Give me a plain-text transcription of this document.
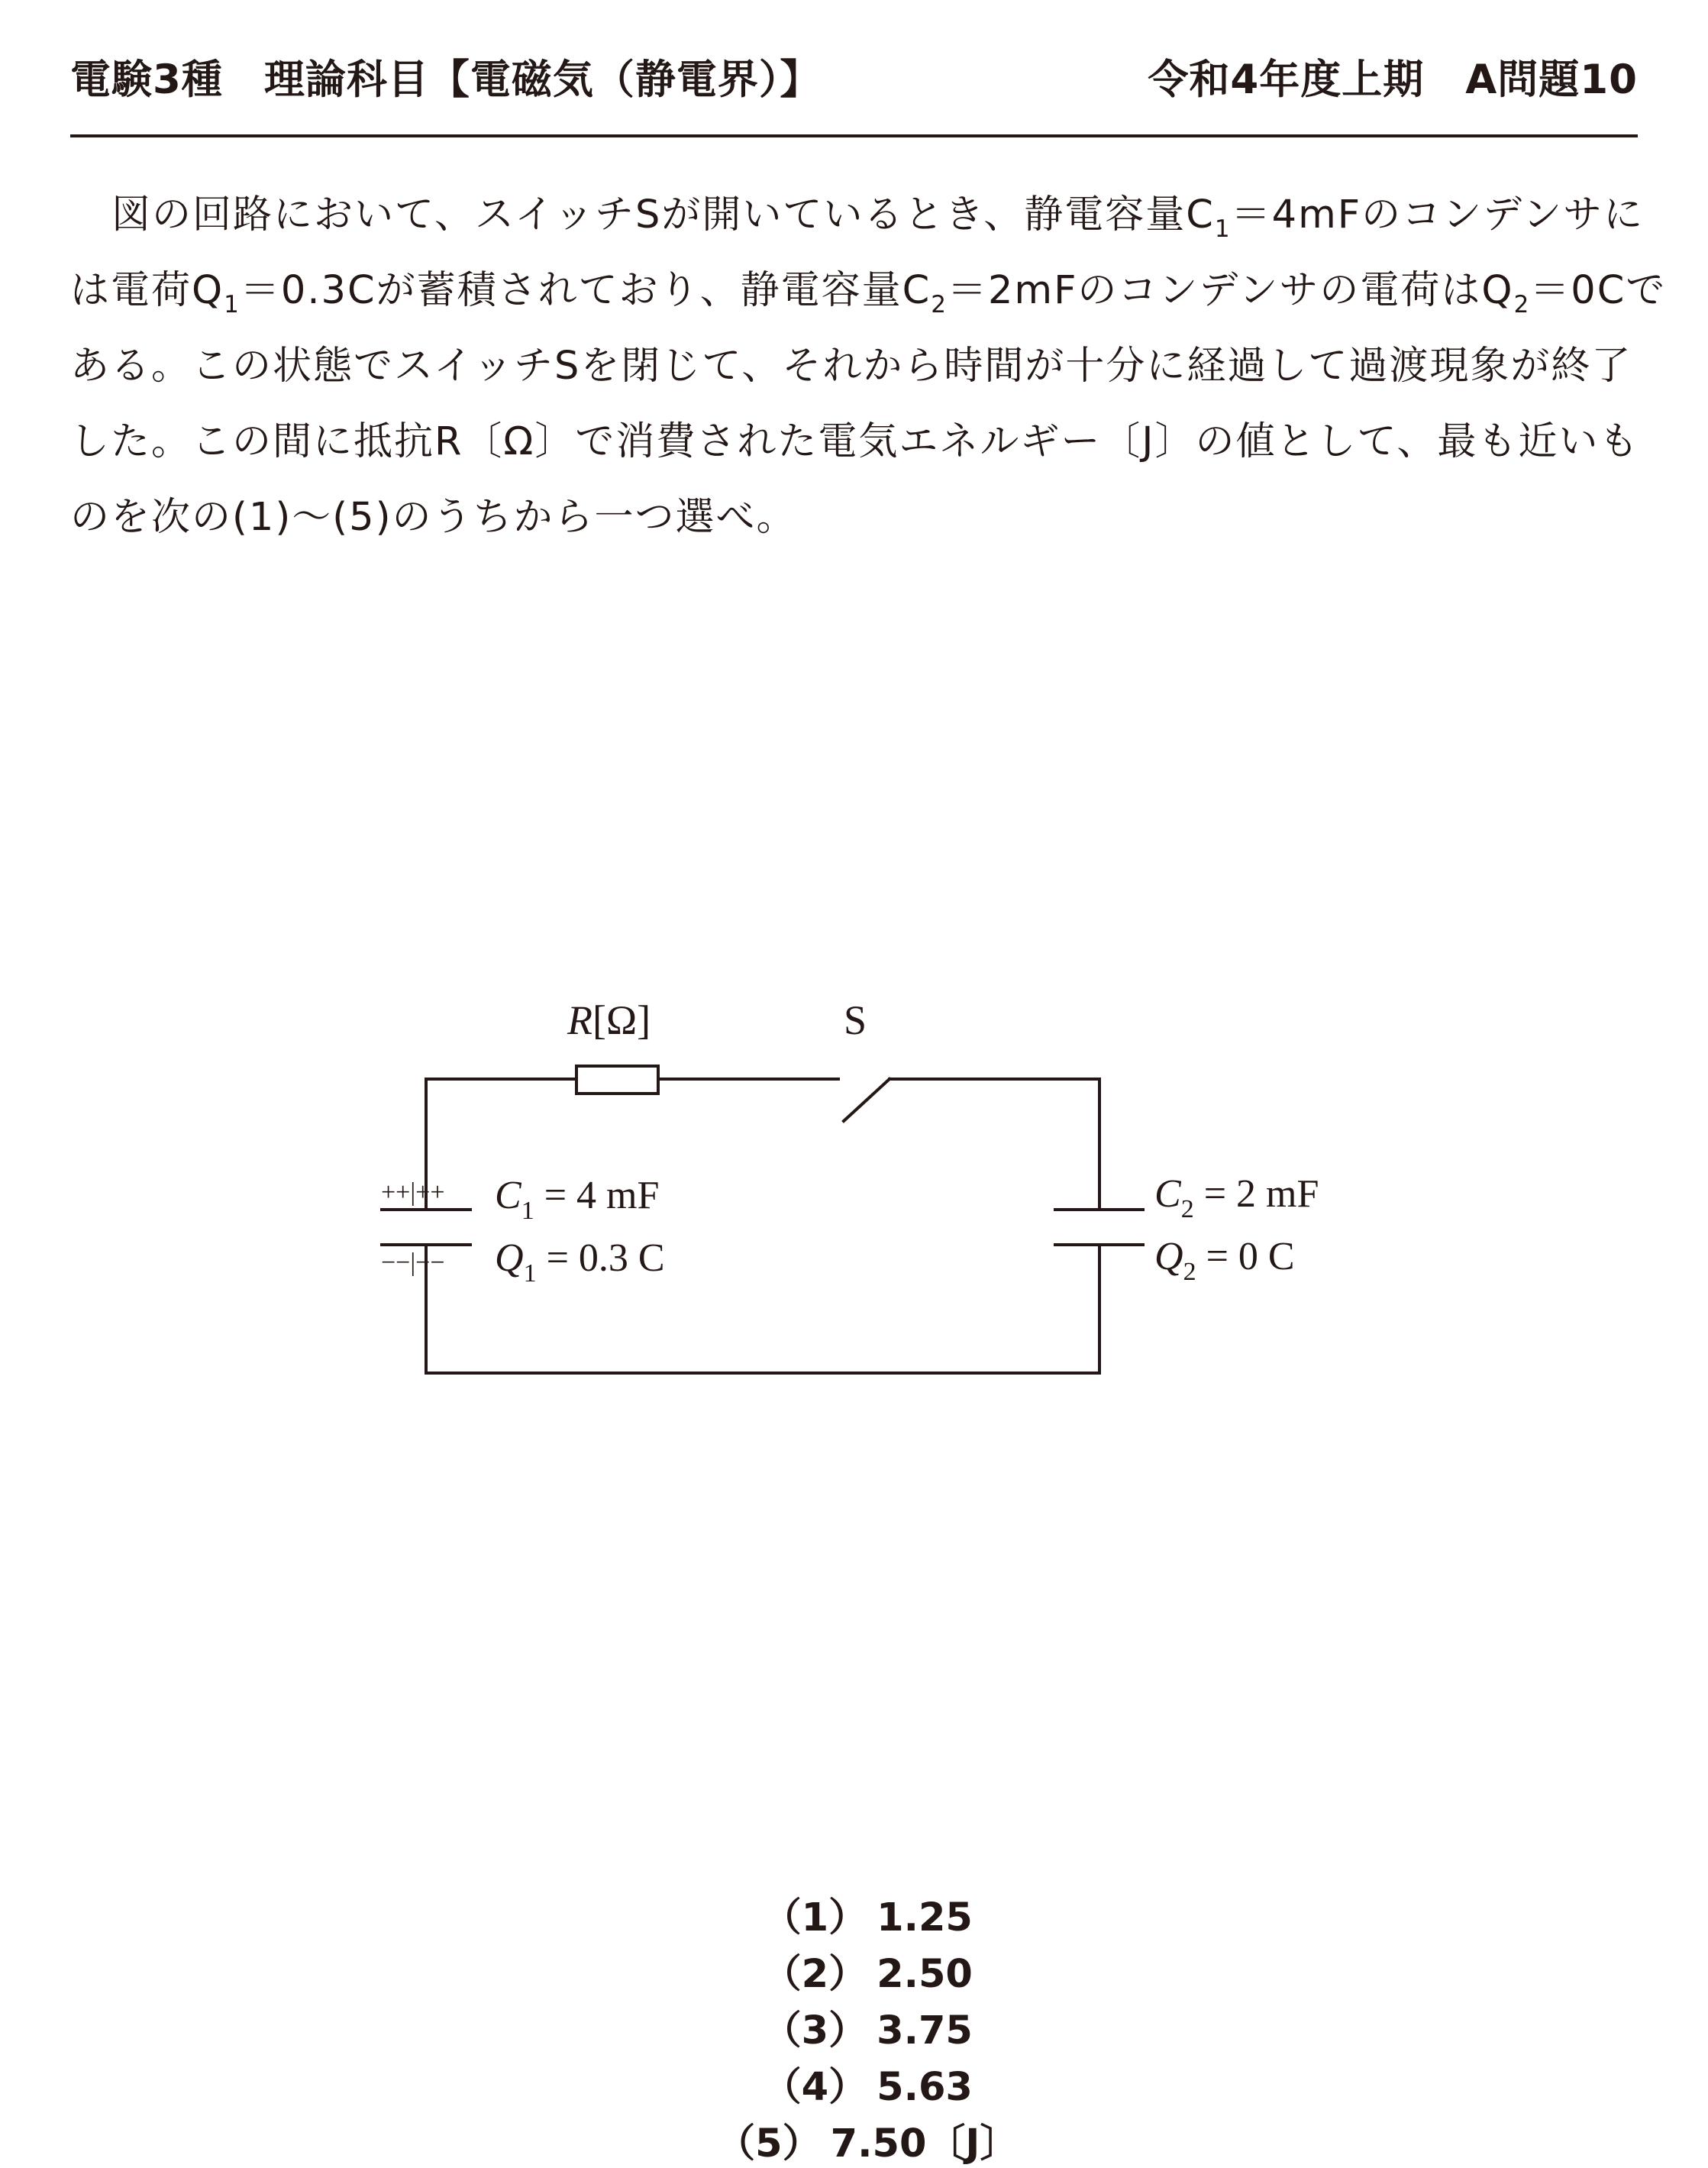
電験3種　理論科目【電磁気（静電界）】	令和4年度上期　A問題10
図の回路において、スイッチSが開いているとき、静電容量$C_1=4mF$のコンデンサに
は電荷$Q_1=0.3C$が蓄積されており、静電容量$C_2=2mF$のコンデンサの電荷は$Q_2=0C$で
ある。この状態でスイッチSを閉じて、それから時間が十分に経過して過渡現象が終了
した。この間に抵抗R〔Ω〕で消費された電気エネルギー〔J〕の値として、最も近いも
のを次の(1)～(5)のうちから一つ選べ。
R[Ω]	S
++|++
−−|−−
$C_1 = 4$ mF
$Q_1 = 0.3$ C
$C_2 = 2$ mF
$Q_2 = 0$ C

（1） 1.25
（2） 2.50
（3） 3.75
（4） 5.63
（5） 7.50〔J〕
